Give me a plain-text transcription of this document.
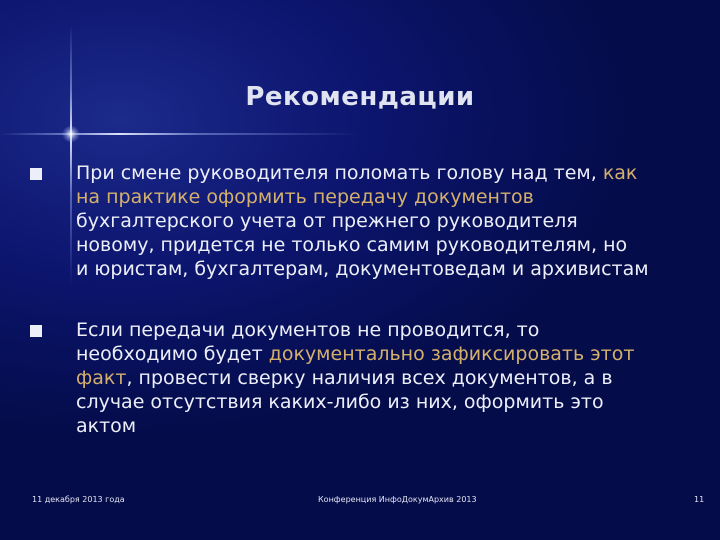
Рекомендации
При смене руководителя поломать голову над тем, как
на практике оформить передачу документов
бухгалтерского учета от прежнего руководителя
новому, придется не только самим руководителям, но
и юристам, бухгалтерам, документоведам и архивистам
Если передачи документов не проводится, то
необходимо будет документально зафиксировать этот
факт, провести сверку наличия всех документов, а в
случае отсутствия каких-либо из них, оформить это
актом
11 декабря 2013 года	Конференция ИнфоДокумАрхив 2013	11
